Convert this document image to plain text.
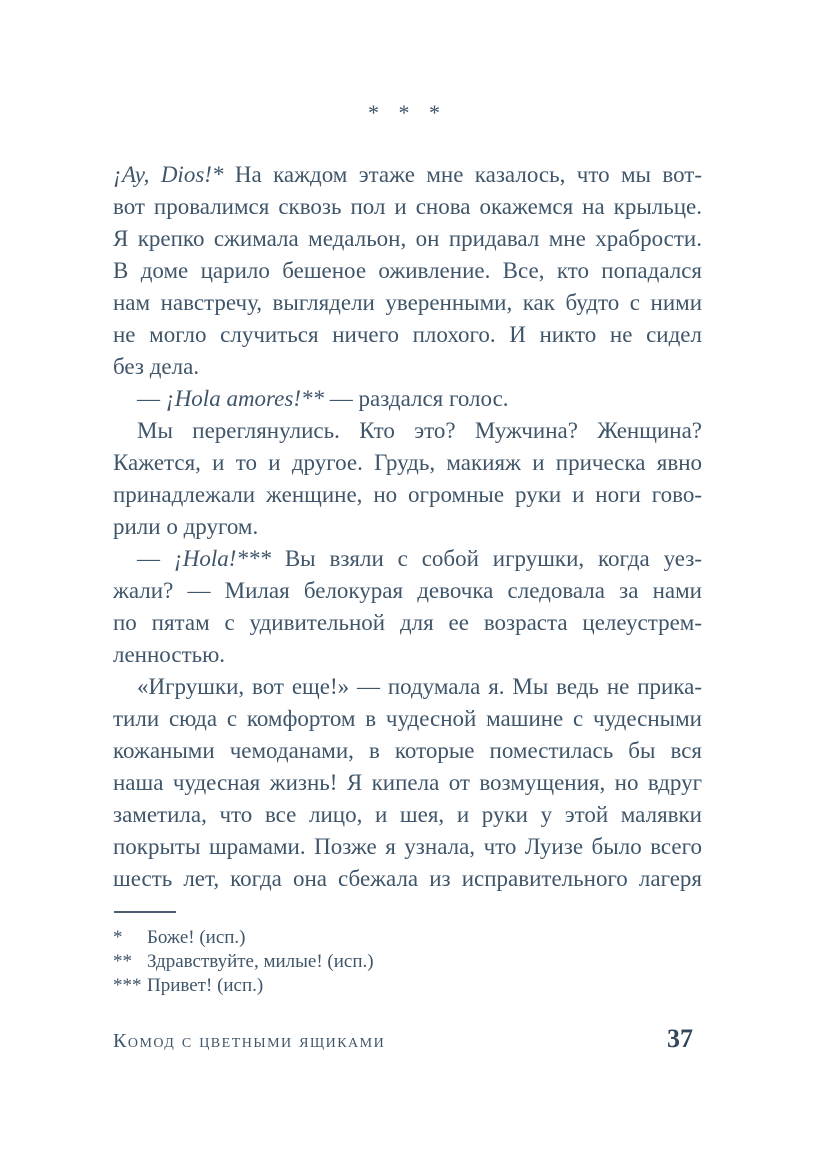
* * *
¡Ay, Dios!* На каждом этаже мне казалось, что мы вот-
вот провалимся сквозь пол и снова окажемся на крыльце.
Я крепко сжимала медальон, он придавал мне храбрости.
В доме царило бешеное оживление. Все, кто попадался
нам навстречу, выглядели уверенными, как будто с ними
не могло случиться ничего плохого. И никто не сидел
без дела.
— ¡Hola amores!** — раздался голос.
Мы переглянулись. Кто это? Мужчина? Женщина?
Кажется, и то и другое. Грудь, макияж и прическа явно
принадлежали женщине, но огромные руки и ноги гово-
рили о другом.
— ¡Hola!*** Вы взяли с собой игрушки, когда уез-
жали? — Милая белокурая девочка следовала за нами
по пятам с удивительной для ее возраста целеустрем-
ленностью.
«Игрушки, вот еще!» — подумала я. Мы ведь не прика-
тили сюда с комфортом в чудесной машине с чудесными
кожаными чемоданами, в которые поместилась бы вся
наша чудесная жизнь! Я кипела от возмущения, но вдруг
заметила, что все лицо, и шея, и руки у этой малявки
покрыты шрамами. Позже я узнала, что Луизе было всего
шесть лет, когда она сбежала из исправительного лагеря
*	Боже! (исп.)
** Здравствуйте, милые! (исп.)
*** Привет! (исп.)
Комод с цветными ящиками	37
